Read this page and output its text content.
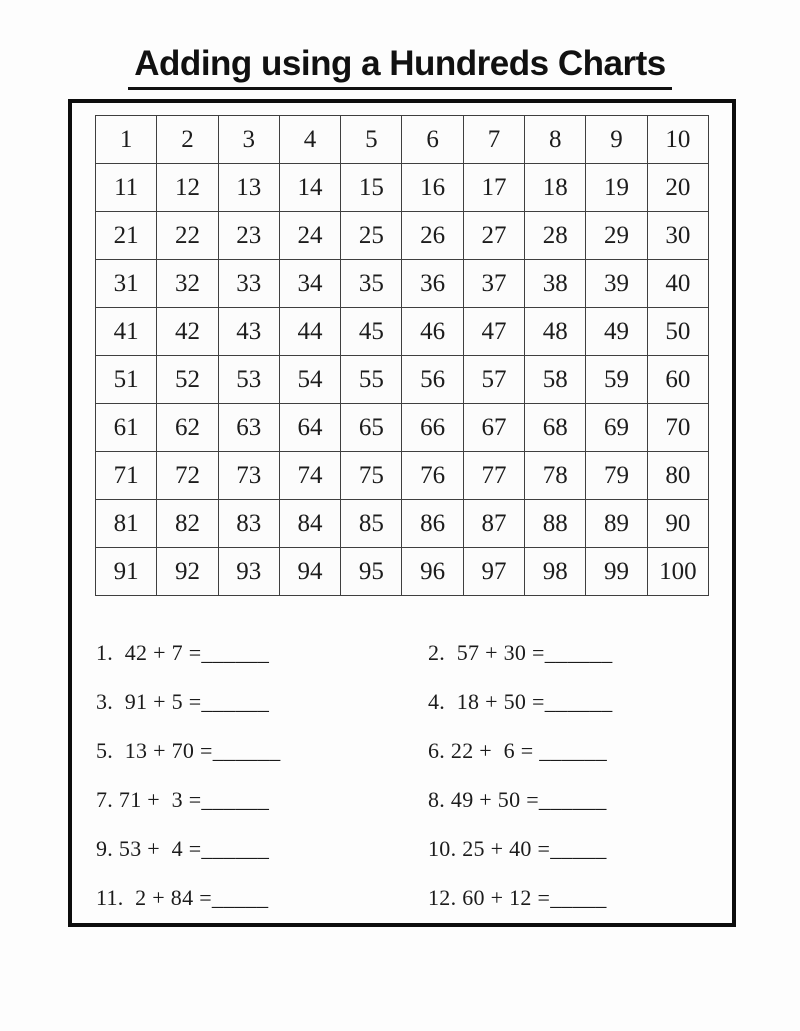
Adding using a Hundreds Charts
1	2	3	4	5	6	7	8	9	10
11	12	13	14	15	16	17	18	19	20
21	22	23	24	25	26	27	28	29	30
31	32	33	34	35	36	37	38	39	40
41	42	43	44	45	46	47	48	49	50
51	52	53	54	55	56	57	58	59	60
61	62	63	64	65	66	67	68	69	70
71	72	73	74	75	76	77	78	79	80
81	82	83	84	85	86	87	88	89	90
91	92	93	94	95	96	97	98	99	100
1.  42 + 7 =______
3.  91 + 5 =______
5.  13 + 70 =______
7. 71 +  3 =______
9. 53 +  4 =______
11.  2 + 84 =_____
2.  57 + 30 =______
4.  18 + 50 =______
6. 22 +  6 = ______
8. 49 + 50 =______
10. 25 + 40 =_____
12. 60 + 12 =_____
